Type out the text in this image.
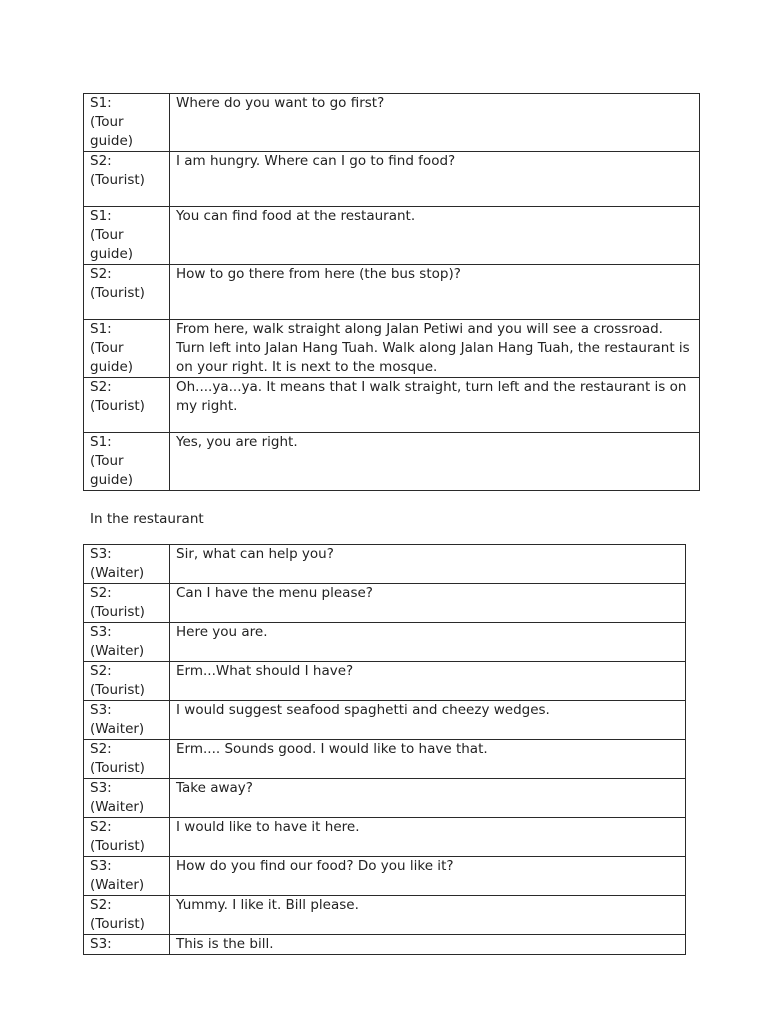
S1:
(Tour
guide)	Where do you want to go first?
S2:
(Tourist)	I am hungry. Where can I go to find food?
S1:
(Tour
guide)	You can find food at the restaurant.
S2:
(Tourist)	How to go there from here (the bus stop)?
S1:
(Tour
guide)	From here, walk straight along Jalan Petiwi and you will see a crossroad. Turn left into Jalan Hang Tuah. Walk along Jalan Hang Tuah, the restaurant is on your right. It is next to the mosque.
S2:
(Tourist)	Oh....ya...ya. It means that I walk straight, turn left and the restaurant is on my right.
S1:
(Tour
guide)	Yes, you are right.
In the restaurant
S3:
(Waiter)	Sir, what can help you?
S2:
(Tourist)	Can I have the menu please?
S3:
(Waiter)	Here you are.
S2:
(Tourist)	Erm...What should I have?
S3:
(Waiter)	I would suggest seafood spaghetti and cheezy wedges.
S2:
(Tourist)	Erm.... Sounds good. I would like to have that.
S3:
(Waiter)	Take away?
S2:
(Tourist)	I would like to have it here.
S3:
(Waiter)	How do you find our food? Do you like it?
S2:
(Tourist)	Yummy. I like it. Bill please.
S3:	This is the bill.
